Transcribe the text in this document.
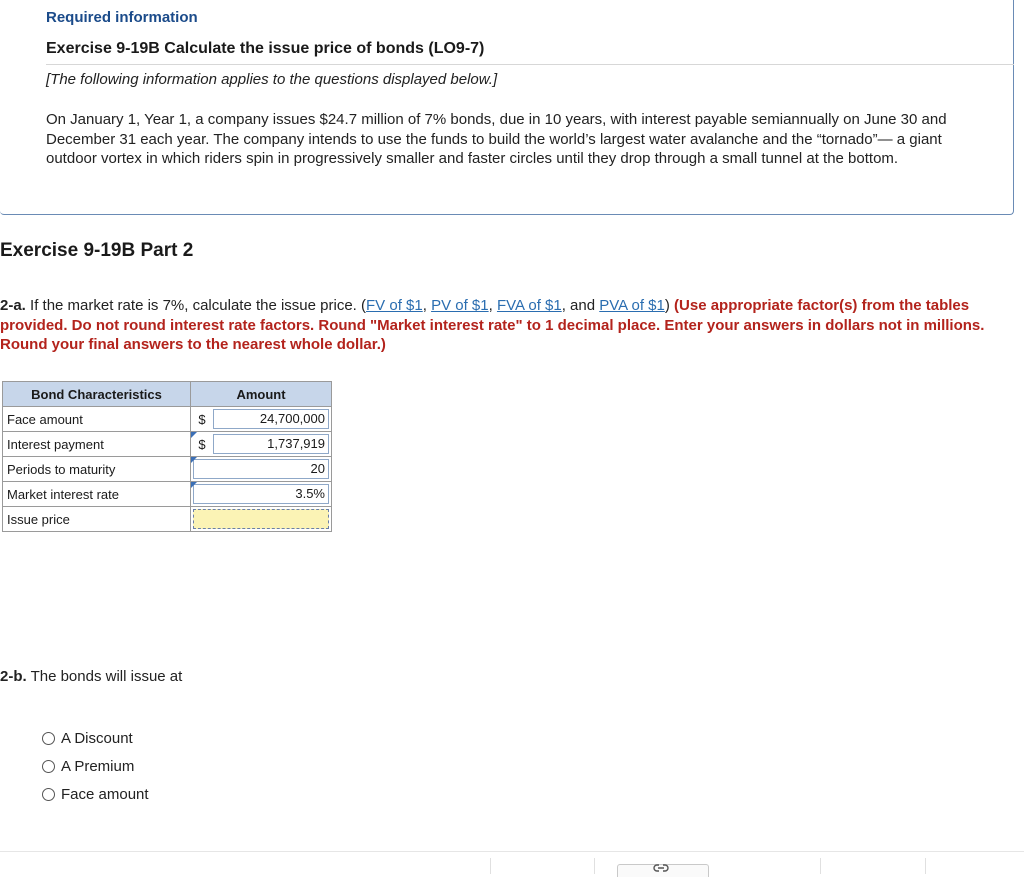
Required information
Exercise 9-19B Calculate the issue price of bonds (LO9-7)
[The following information applies to the questions displayed below.]
On January 1, Year 1, a company issues $24.7 million of 7% bonds, due in 10 years, with interest payable semiannually on June 30 and December 31 each year. The company intends to use the funds to build the world’s largest water avalanche and the “tornado”— a giant outdoor vortex in which riders spin in progressively smaller and faster circles until they drop through a small tunnel at the bottom.
Exercise 9-19B Part 2
2-a. If the market rate is 7%, calculate the issue price. (FV of $1, PV of $1, FVA of $1, and PVA of $1) (Use appropriate factor(s) from the tables provided. Do not round interest rate factors. Round "Market interest rate" to 1 decimal place. Enter your answers in dollars not in millions. Round your final answers to the nearest whole dollar.)
Bond Characteristics	Amount
Face amount	$ 24,700,000

Interest payment	$ 1,737,919

Periods to maturity	20

Market interest rate	3.5%

Issue price	
2-b. The bonds will issue at
A Discount
A Premium
Face amount
